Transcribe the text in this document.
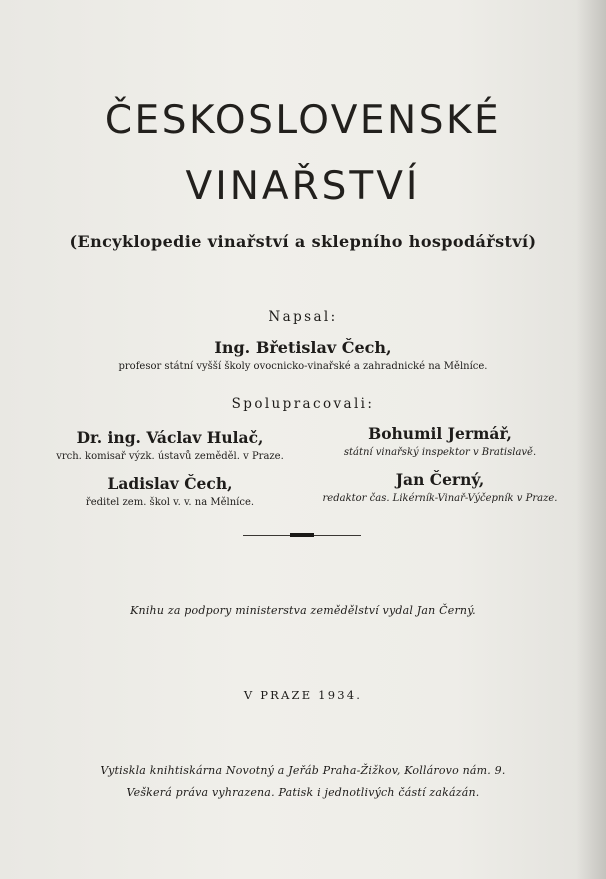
ČESKOSLOVENSKÉ
VINAŘSTVÍ
(Encyklopedie vinařství a sklepního hospodářství)
Napsal:
Ing. Břetislav Čech,
profesor státní vyšší školy ovocnicko-vinařské a zahradnické na Mělníce.
Spolupracovali:
Dr. ing. Václav Hulač,
vrch. komisař výzk. ústavů zeměděl. v Praze.
Bohumil Jermář,
státní vinařský inspektor v Bratislavě.
Ladislav Čech,
ředitel zem. škol v. v. na Mělníce.
Jan Černý,
redaktor čas. Likérník-Vinař-Výčepník v Praze.
Knihu za podpory ministerstva zemědělství vydal Jan Černý.
V PRAZE 1934.
Vytiskla knihtiskárna Novotný a Jeřáb Praha-Žižkov, Kollárovo nám. 9.
Veškerá práva vyhrazena. Patisk i jednotlivých částí zakázán.
